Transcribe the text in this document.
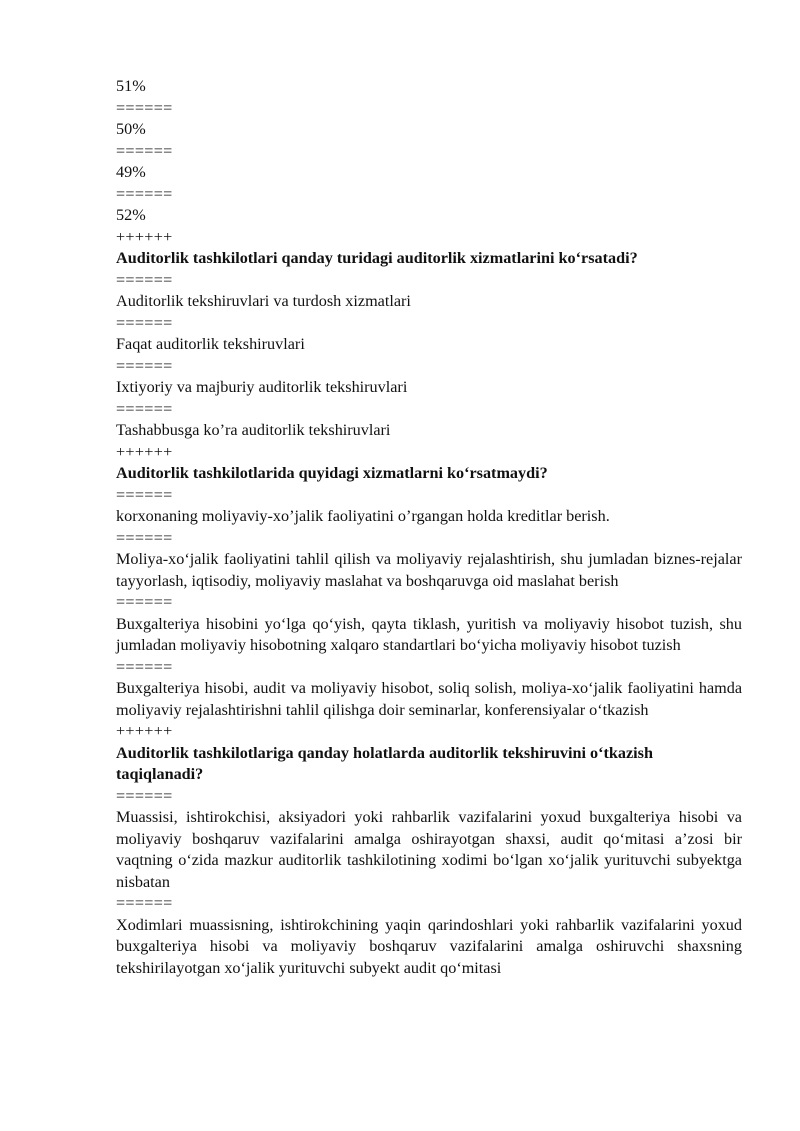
51%
======
50%
======
49%
======
52%
++++++
Auditorlik tashkilotlari qanday turidagi auditorlik xizmatlarini ko‘rsatadi?
======
Auditorlik tekshiruvlari va turdosh xizmatlari
======
Faqat auditorlik tekshiruvlari
======
Ixtiyoriy va majburiy auditorlik tekshiruvlari
======
Tashabbusga ko’ra auditorlik tekshiruvlari
++++++
Auditorlik tashkilotlarida quyidagi xizmatlarni ko‘rsatmaydi?
======
korxonaning moliyaviy-xo’jalik faoliyatini o’rgangan holda kreditlar berish.
======
Moliya-xo‘jalik faoliyatini tahlil qilish va moliyaviy rejalashtirish, shu jumladan biznes-rejalar tayyorlash, iqtisodiy, moliyaviy maslahat va boshqaruvga oid maslahat berish
======
Buxgalteriya hisobini yo‘lga qo‘yish, qayta tiklash, yuritish va moliyaviy hisobot tuzish, shu jumladan moliyaviy hisobotning xalqaro standartlari bo‘yicha moliyaviy hisobot tuzish
======
Buxgalteriya hisobi, audit va moliyaviy hisobot, soliq solish, moliya-xo‘jalik faoliyatini hamda moliyaviy rejalashtirishni tahlil qilishga doir seminarlar, konferensiyalar o‘tkazish
++++++
Auditorlik tashkilotlariga qanday holatlarda auditorlik tekshiruvini o‘tkazish taqiqlanadi?
======
Muassisi, ishtirokchisi, aksiyadori yoki rahbarlik vazifalarini yoxud buxgalteriya hisobi va moliyaviy boshqaruv vazifalarini amalga oshirayotgan shaxsi, audit qo‘mitasi a’zosi bir vaqtning o‘zida mazkur auditorlik tashkilotining xodimi bo‘lgan xo‘jalik yurituvchi subyektga nisbatan
======
Xodimlari muassisning, ishtirokchining yaqin qarindoshlari yoki rahbarlik vazifalarini yoxud buxgalteriya hisobi va moliyaviy boshqaruv vazifalarini amalga oshiruvchi shaxsning tekshirilayotgan xo‘jalik yurituvchi subyekt audit qo‘mitasi
